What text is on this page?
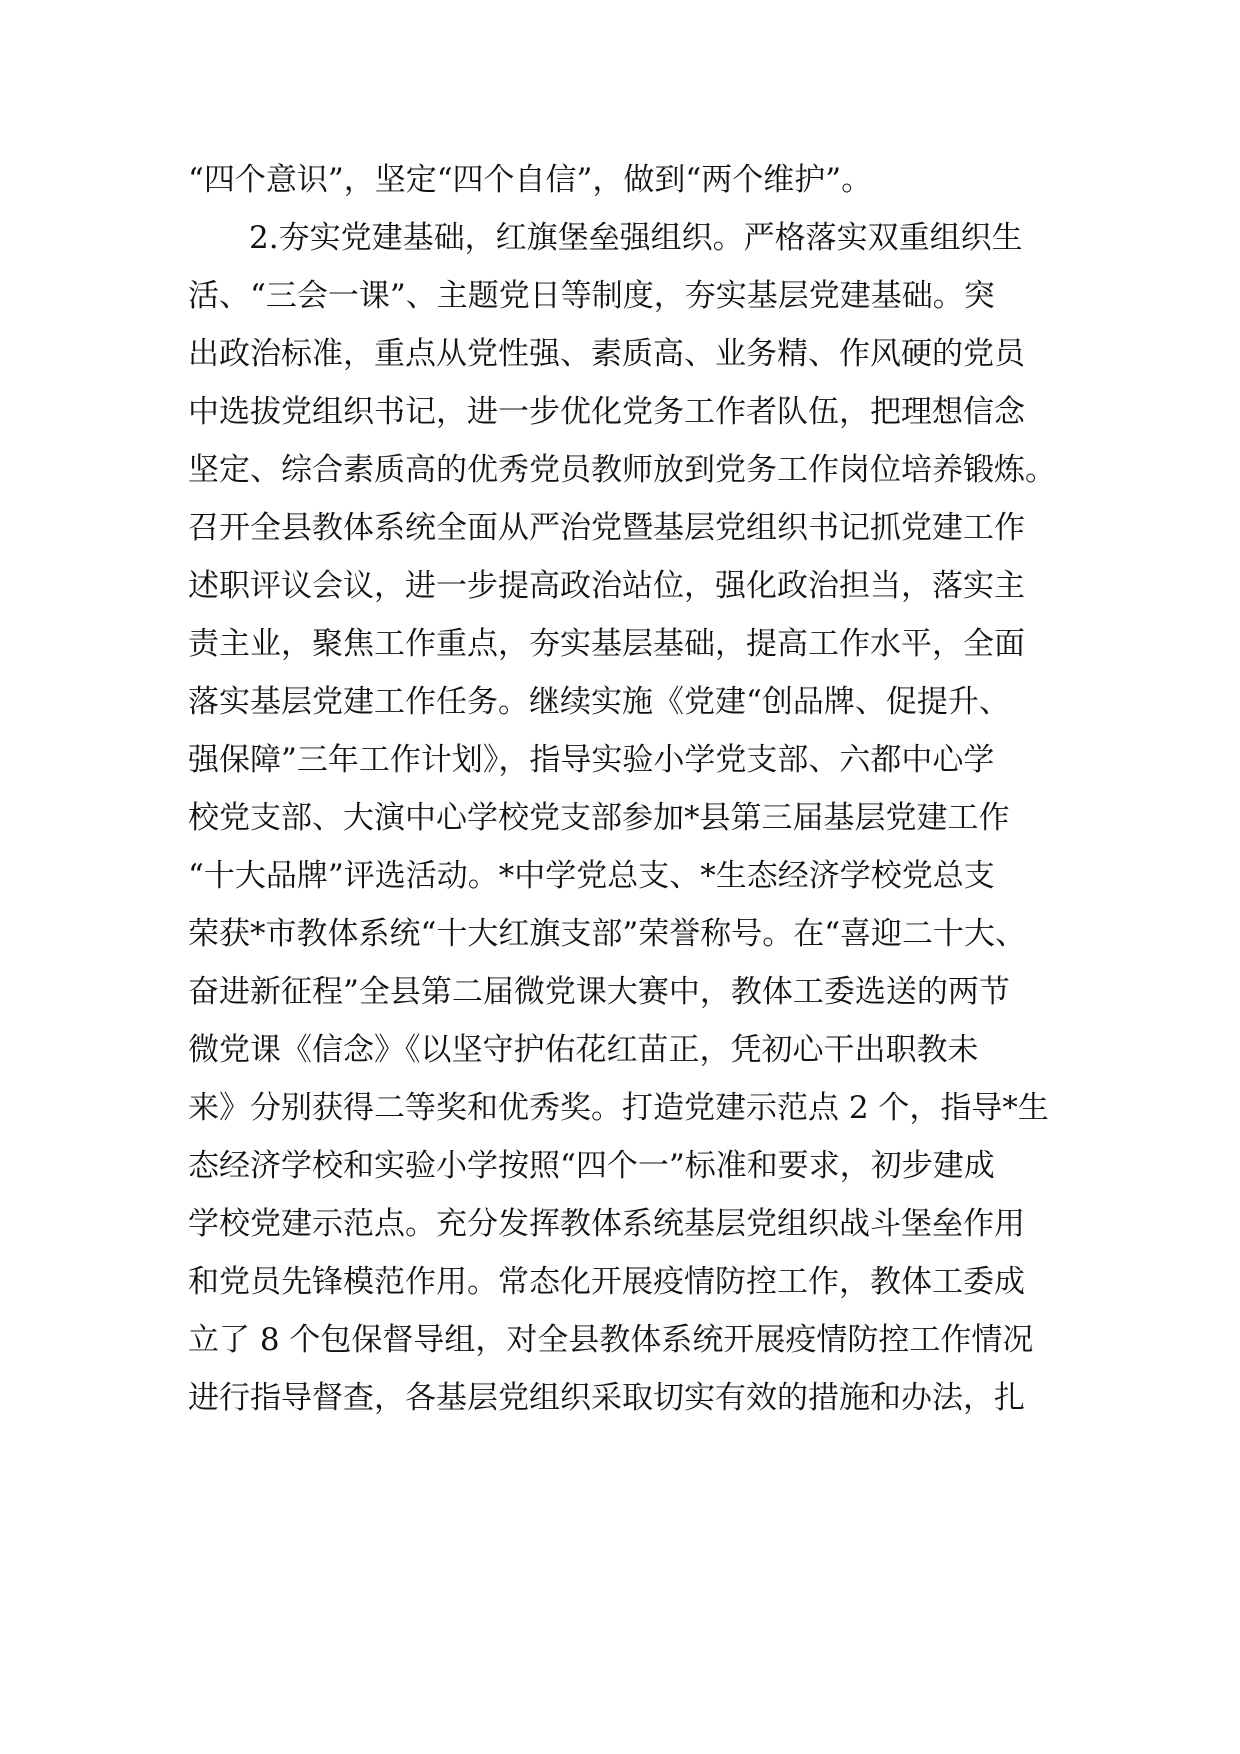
“四个意识”，坚定“四个自信”，做到“两个维护”。
2.夯实党建基础，红旗堡垒强组织。严格落实双重组织生
活、“三会一课”、主题党日等制度，夯实基层党建基础。突
出政治标准，重点从党性强、素质高、业务精、作风硬的党员
中选拔党组织书记，进一步优化党务工作者队伍，把理想信念
坚定、综合素质高的优秀党员教师放到党务工作岗位培养锻炼。
召开全县教体系统全面从严治党暨基层党组织书记抓党建工作
述职评议会议，进一步提高政治站位，强化政治担当，落实主
责主业，聚焦工作重点，夯实基层基础，提高工作水平，全面
落实基层党建工作任务。继续实施《党建“创品牌、促提升、
强保障”三年工作计划》，指导实验小学党支部、六都中心学
校党支部、大演中心学校党支部参加*县第三届基层党建工作
“十大品牌”评选活动。*中学党总支、*生态经济学校党总支
荣获*市教体系统“十大红旗支部”荣誉称号。在“喜迎二十大、
奋进新征程”全县第二届微党课大赛中，教体工委选送的两节
微党课《信念》《以坚守护佑花红苗正，凭初心干出职教未
来》分别获得二等奖和优秀奖。打造党建示范点 2 个，指导*生
态经济学校和实验小学按照“四个一”标准和要求，初步建成
学校党建示范点。充分发挥教体系统基层党组织战斗堡垒作用
和党员先锋模范作用。常态化开展疫情防控工作，教体工委成
立了 8 个包保督导组，对全县教体系统开展疫情防控工作情况
进行指导督查，各基层党组织采取切实有效的措施和办法，扎
